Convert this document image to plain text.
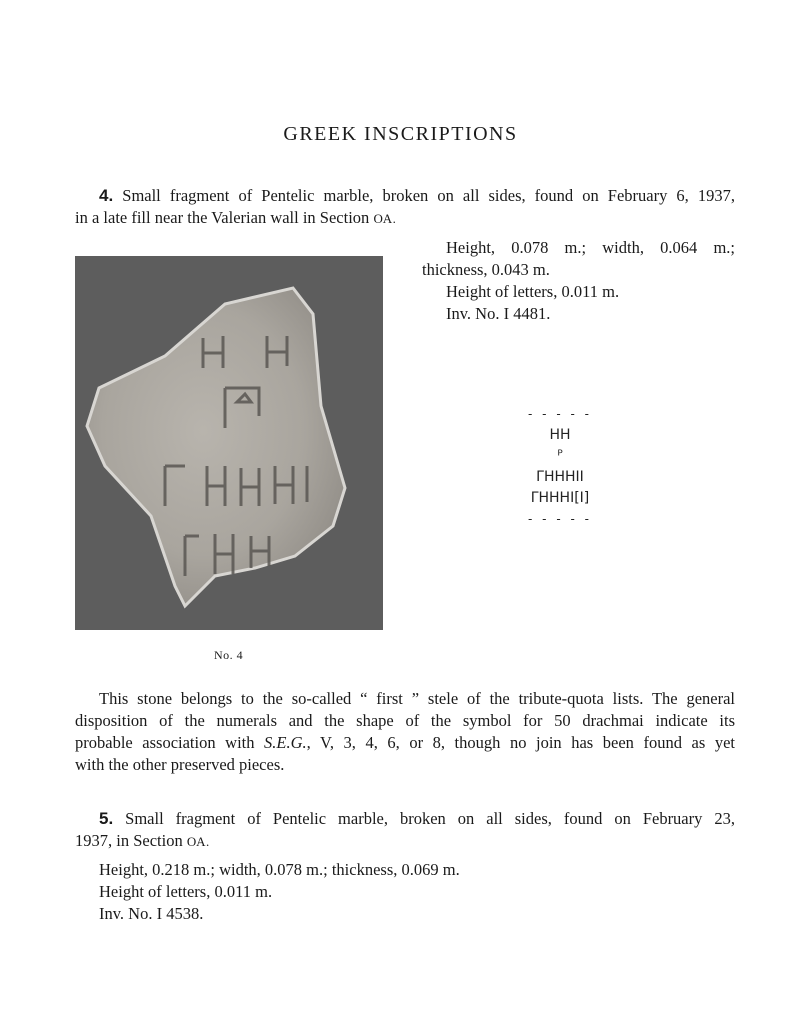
GREEK INSCRIPTIONS
4. Small fragment of Pentelic marble, broken on all sides, found on February 6, 1937,
in a late fill near the Valerian wall in Section ΟΑ.
Height, 0.078 m.; width, 0.064 m.;
thickness, 0.043 m.
Height of letters, 0.011 m.
Inv. No. I 4481.
No. 4
- - - - -
HH
ᴾ
ΓΗΗΗΙΙ
ΓΗΗΗΙ[Ι]
- - - - -
This stone belongs to the so-called “ first ” stele of the tribute-quota lists. The general
disposition of the numerals and the shape of the symbol for 50 drachmai indicate its
probable association with S.E.G., V, 3, 4, 6, or 8, though no join has been found as yet
with the other preserved pieces.
5. Small fragment of Pentelic marble, broken on all sides, found on February 23,
1937, in Section ΟΑ.
Height, 0.218 m.; width, 0.078 m.; thickness, 0.069 m.
Height of letters, 0.011 m.
Inv. No. I 4538.
